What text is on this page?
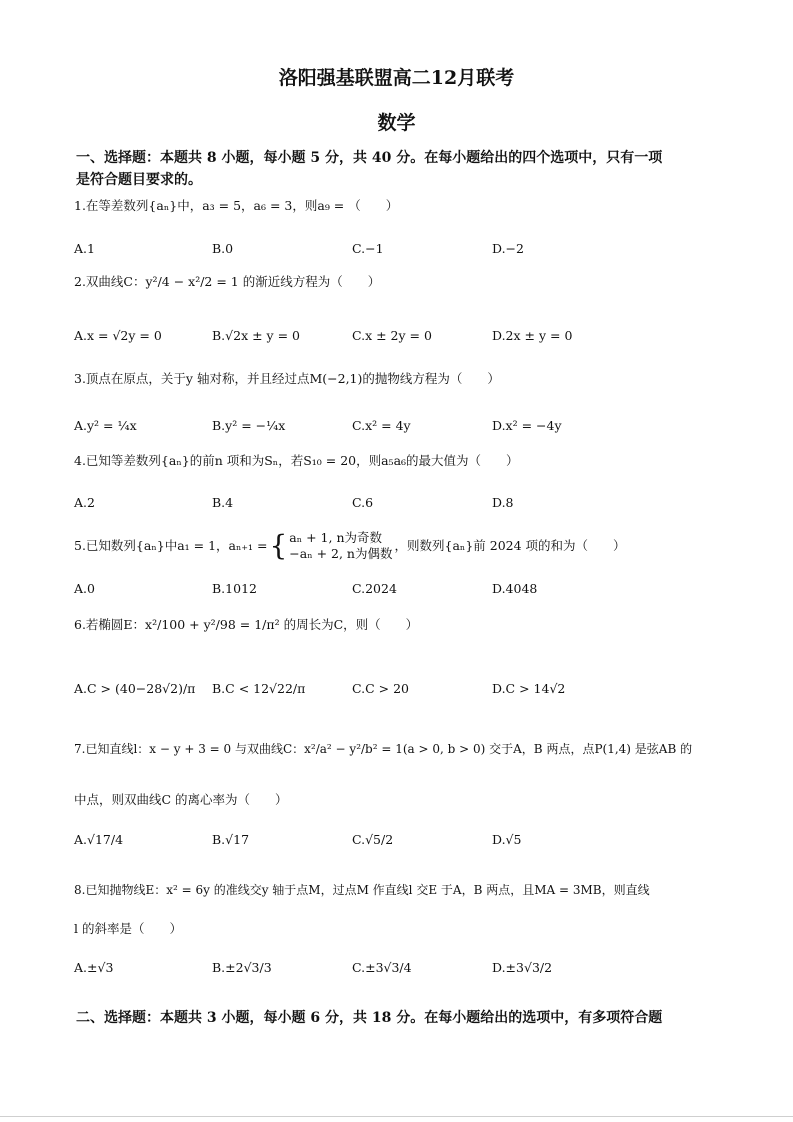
洛阳强基联盟高二12月联考
数学
一、选择题：本题共 8 小题，每小题 5 分，共 40 分。在每小题给出的四个选项中，只有一项
是符合题目要求的。
1.在等差数列{aₙ}中，a₃ = 5，a₆ = 3，则a₉ = （　　）
A.1	B.0	C.−1	D.−2
2.双曲线C：y²/4 − x²/2 = 1 的渐近线方程为（　　）
A.x = √2y = 0	B.√2x ± y = 0	C.x ± 2y = 0	D.2x ± y = 0
3.顶点在原点，关于y 轴对称，并且经过点M(−2,1)的抛物线方程为（　　）
A.y² = ¼x	B.y² = −¼x	C.x² = 4y	D.x² = −4y
4.已知等差数列{aₙ}的前n 项和为Sₙ，若S₁₀ = 20，则a₅a₆的最大值为（　　）
A.2	B.4	C.6	D.8
5.已知数列{aₙ}中a₁ = 1，aₙ₊₁ = { aₙ + 1, n为奇数
−aₙ + 2, n为偶数
，则数列{aₙ}前 2024 项的和为（　　）
A.0	B.1012	C.2024	D.4048
6.若椭圆E：x²/100 + y²/98 = 1/π² 的周长为C，则（　　）
A.C > (40−28√2)/π B.C < 12√22/π	C.C > 20	D.C > 14√2
7.已知直线l：x − y + 3 = 0 与双曲线C：x²/a² − y²/b² = 1(a > 0, b > 0) 交于A，B 两点，点P(1,4) 是弦AB 的
中点，则双曲线C 的离心率为（　　）
A.√17/4	B.√17	C.√5/2	D.√5
8.已知抛物线E：x² = 6y 的准线交y 轴于点M，过点M 作直线l 交E 于A，B 两点，且MA = 3MB，则直线
l 的斜率是（　　）
A.±√3	B.±2√3/3	C.±3√3/4	D.±3√3/2
二、选择题：本题共 3 小题，每小题 6 分，共 18 分。在每小题给出的选项中，有多项符合题
